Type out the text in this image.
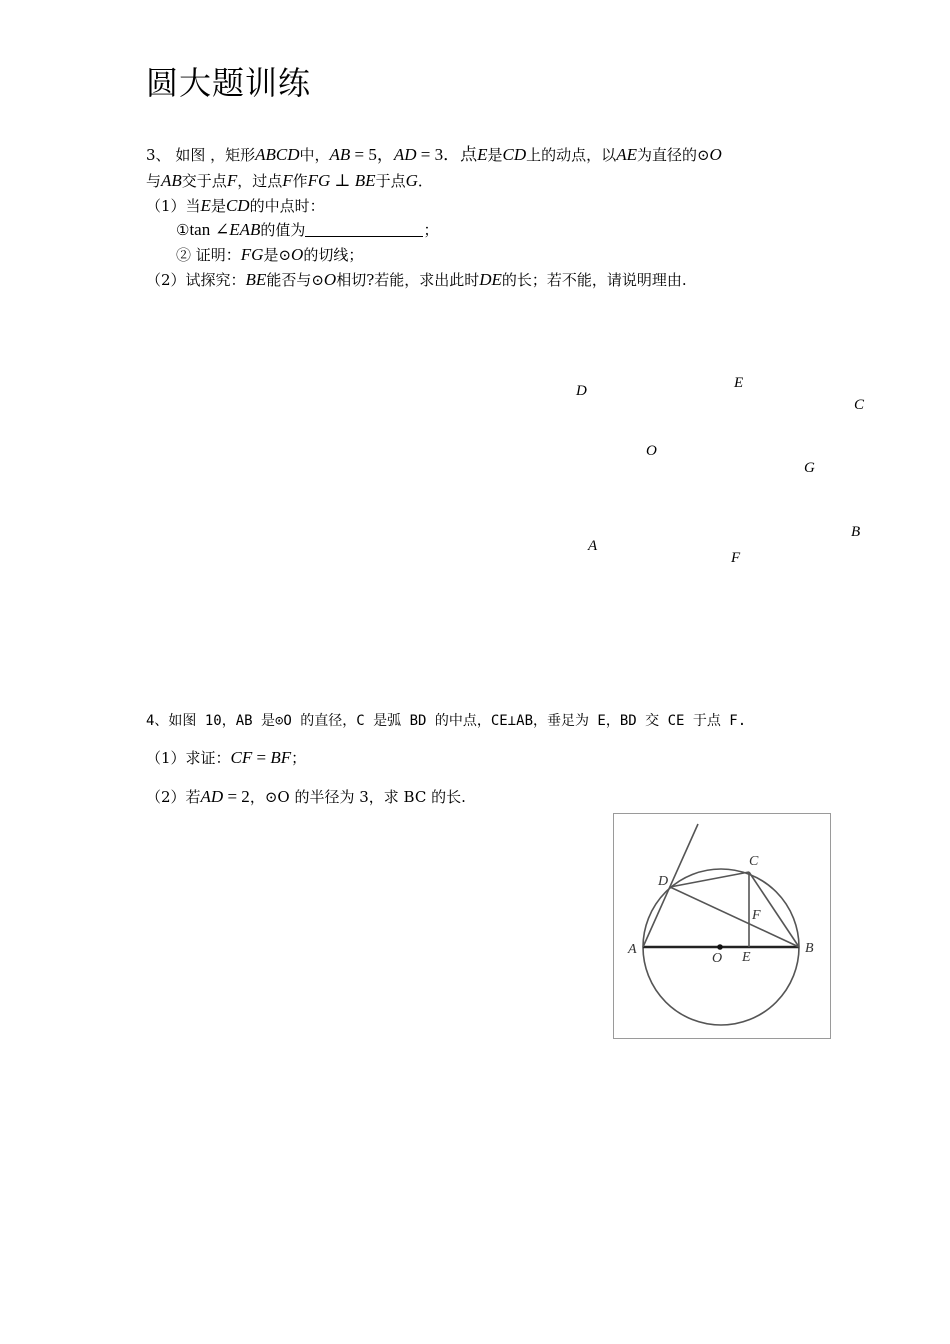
圆大题训练
3、 如图 ，矩形ABCD中，AB = 5，AD = 3．点E是CD上的动点，以AE为直径的⊙O
与AB交于点F，过点F作FG ⊥ BE于点G．
（1）当E是CD的中点时：
①tan ∠EAB的值为	；
② 证明：FG是⊙O的切线；
（2）试探究：BE能否与⊙O相切?若能，求出此时DE的长；若不能，请说明理由.
D	E
C
O
G
B
A
F
4、如图 10，AB 是⊙O 的直径，C 是弧 BD 的中点，CE⊥AB，垂足为 E，BD 交 CE 于点 F.
（1）求证：CF = BF；
（2）若AD = 2，⊙O 的半径为 3，求 BC 的长.
A	B
C
D
E
F
O
